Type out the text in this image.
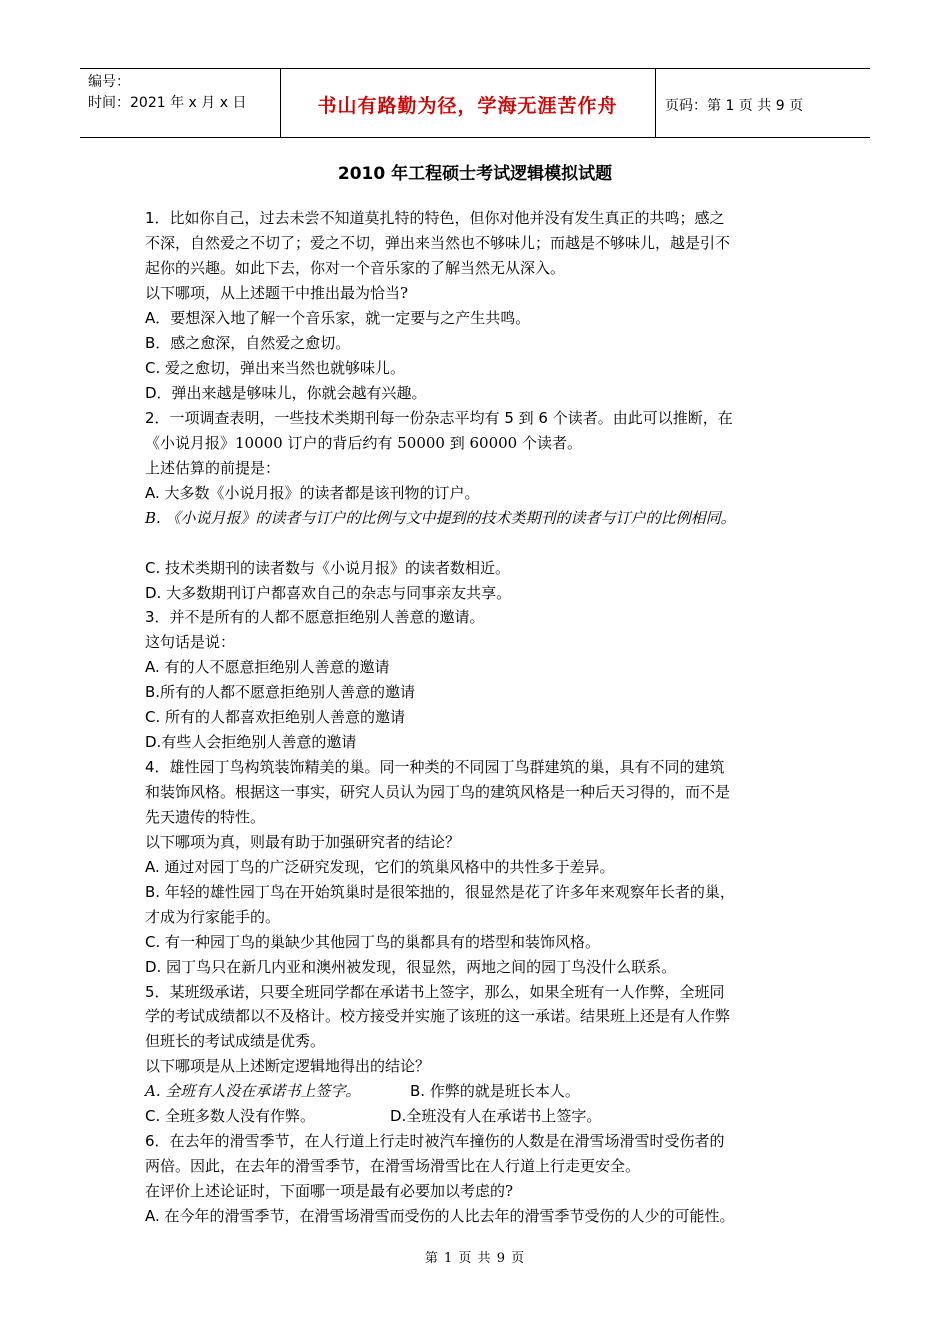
编号：
时间：2021 年 x 月 x 日	书山有路勤为径，学海无涯苦作舟	页码：第 1 页 共 9 页
2010 年工程硕士考试逻辑模拟试题
1．比如你自己，过去未尝不知道莫扎特的特色，但你对他并没有发生真正的共鸣；感之
不深，自然爱之不切了；爱之不切，弹出来当然也不够味儿；而越是不够味儿，越是引不
起你的兴趣。如此下去，你对一个音乐家的了解当然无从深入。
以下哪项，从上述题干中推出最为恰当?
A．要想深入地了解一个音乐家，就一定要与之产生共鸣。
B．感之愈深，自然爱之愈切。
C. 爱之愈切，弹出来当然也就够味儿。
D．弹出来越是够味儿，你就会越有兴趣。
2．一项调查表明，一些技术类期刊每一份杂志平均有 5 到 6 个读者。由此可以推断，在
《小说月报》10000 订户的背后约有 50000 到 60000 个读者。
上述估算的前提是：
A. 大多数《小说月报》的读者都是该刊物的订户。
B. 《小说月报》的读者与订户的比例与文中提到的技术类期刊的读者与订户的比例相同。
C. 技术类期刊的读者数与《小说月报》的读者数相近。
D. 大多数期刊订户都喜欢自己的杂志与同事亲友共享。
3．并不是所有的人都不愿意拒绝别人善意的邀请。
这句话是说：
A. 有的人不愿意拒绝别人善意的邀请
B.所有的人都不愿意拒绝别人善意的邀请
C. 所有的人都喜欢拒绝别人善意的邀请
D.有些人会拒绝别人善意的邀请
4．雄性园丁鸟构筑装饰精美的巢。同一种类的不同园丁鸟群建筑的巢，具有不同的建筑
和装饰风格。根据这一事实，研究人员认为园丁鸟的建筑风格是一种后天习得的，而不是
先天遗传的特性。
以下哪项为真，则最有助于加强研究者的结论？
A. 通过对园丁鸟的广泛研究发现，它们的筑巢风格中的共性多于差异。
B. 年轻的雄性园丁鸟在开始筑巢时是很笨拙的，很显然是花了许多年来观察年长者的巢，
才成为行家能手的。
C. 有一种园丁鸟的巢缺少其他园丁鸟的巢都具有的塔型和装饰风格。
D. 园丁鸟只在新几内亚和澳州被发现，很显然，两地之间的园丁鸟没什么联系。
5．某班级承诺，只要全班同学都在承诺书上签字，那么，如果全班有一人作弊，全班同
学的考试成绩都以不及格计。校方接受并实施了该班的这一承诺。结果班上还是有人作弊
但班长的考试成绩是优秀。
以下哪项是从上述断定逻辑地得出的结论？
A. 全班有人没在承诺书上签字。	B. 作弊的就是班长本人。
C. 全班多数人没有作弊。	D.全班没有人在承诺书上签字。
6．在去年的滑雪季节，在人行道上行走时被汽车撞伤的人数是在滑雪场滑雪时受伤者的
两倍。因此，在去年的滑雪季节，在滑雪场滑雪比在人行道上行走更安全。
在评价上述论证时，下面哪一项是最有必要加以考虑的?
A. 在今年的滑雪季节，在滑雪场滑雪而受伤的人比去年的滑雪季节受伤的人少的可能性。
第 1 页 共 9 页
